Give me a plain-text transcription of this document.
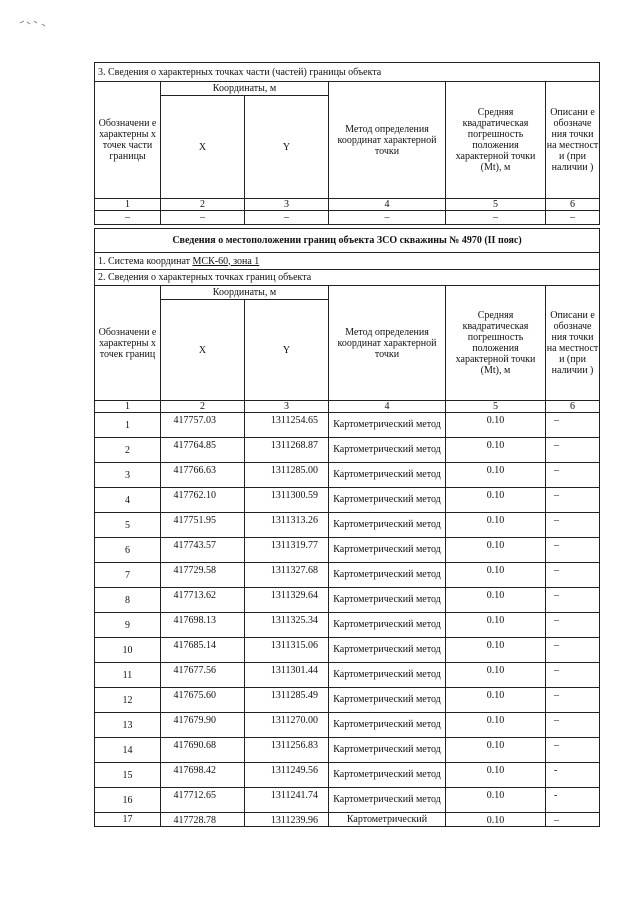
3. Сведения о характерных точках части (частей) границы объекта					
Обозначени е характерны х точек части границы	Координаты, м		Метод определения координат характерной точки	Средняя квадратическая погрешность положения характерной точки (Mt), м	Описани е обозначе ния точки на местност и (при наличии )
	X	Y			
1	2	3	4	5	6
–	–	–	–	–	–
Сведения о местоположении границ объекта ЗСО скважины № 4970 (II пояс)					
1. Система координат МСК-60, зона 1					
2. Сведения о характерных точках границ объекта					
Обозначени е характерны х точек границ	Координаты, м		Метод определения координат характерной точки	Средняя квадратическая погрешность положения характерной точки (Mt), м	Описани е обозначе ния точки на местност и (при наличии )
	X	Y			
1	2	3	4	5	6
1	417757.03	1311254.65	Картометрический метод	0.10	–
2	417764.85	1311268.87	Картометрический метод	0.10	–
3	417766.63	1311285.00	Картометрический метод	0.10	–
4	417762.10	1311300.59	Картометрический метод	0.10	–
5	417751.95	1311313.26	Картометрический метод	0.10	–
6	417743.57	1311319.77	Картометрический метод	0.10	–
7	417729.58	1311327.68	Картометрический метод	0.10	–
8	417713.62	1311329.64	Картометрический метод	0.10	–
9	417698.13	1311325.34	Картометрический метод	0.10	–
10	417685.14	1311315.06	Картометрический метод	0.10	–
11	417677.56	1311301.44	Картометрический метод	0.10	–
12	417675.60	1311285.49	Картометрический метод	0.10	–
13	417679.90	1311270.00	Картометрический метод	0.10	–
14	417690.68	1311256.83	Картометрический метод	0.10	–
15	417698.42	1311249.56	Картометрический метод	0.10	-
16	417712.65	1311241.74	Картометрический метод	0.10	-
17	417728.78	1311239.96	Картометрический	0.10	–
